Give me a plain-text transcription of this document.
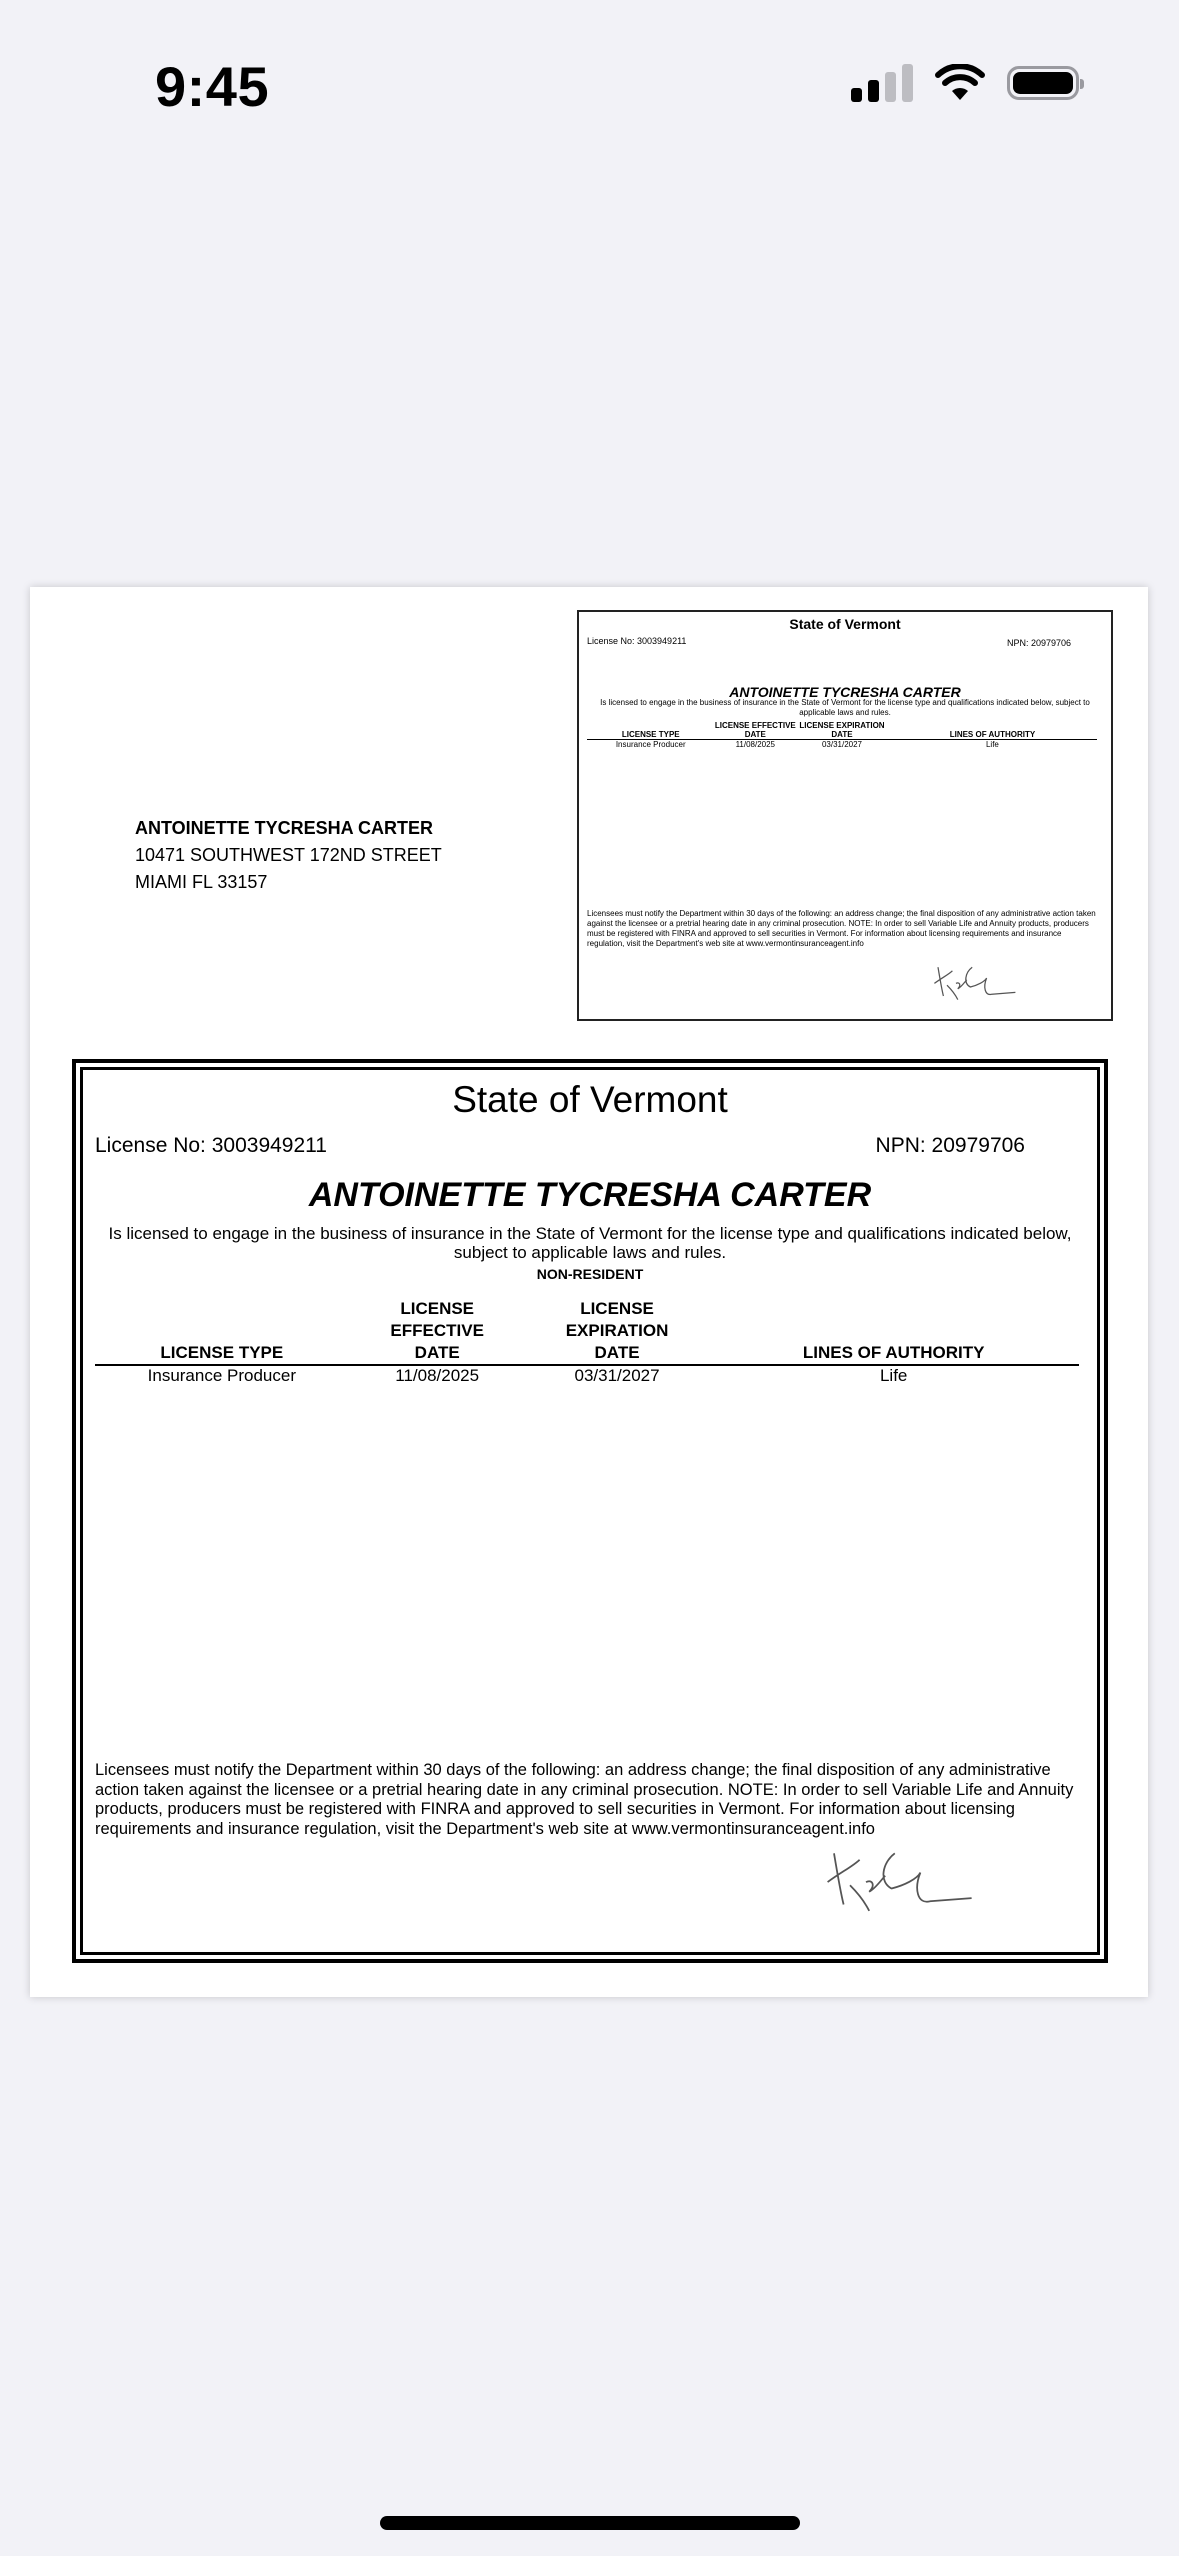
9:45
ANTOINETTE TYCRESHA CARTER
10471 SOUTHWEST 172ND STREET
MIAMI FL 33157
State of Vermont
License No: 3003949211	NPN: 20979706
ANTOINETTE TYCRESHA CARTER
Is licensed to engage in the business of insurance in the State of Vermont for the license type and qualifications indicated below, subject to applicable laws and rules.
LICENSE TYPE	LICENSE EFFECTIVE DATE	LICENSE EXPIRATION DATE	LINES OF AUTHORITY
Insurance Producer	11/08/2025	03/31/2027	Life
Licensees must notify the Department within 30 days of the following: an address change; the final disposition of any administrative action taken against the licensee or a pretrial hearing date in any criminal prosecution. NOTE: In order to sell Variable Life and Annuity products, producers must be registered with FINRA and approved to sell securities in Vermont. For information about licensing requirements and insurance regulation, visit the Department's web site at www.vermontinsuranceagent.info
State of Vermont
License No: 3003949211	NPN: 20979706
ANTOINETTE TYCRESHA CARTER
Is licensed to engage in the business of insurance in the State of Vermont for the license type and qualifications indicated below, subject to applicable laws and rules.
NON-RESIDENT
LICENSE TYPE	LICENSE EFFECTIVE DATE	LICENSE EXPIRATION DATE	LINES OF AUTHORITY
Insurance Producer	11/08/2025	03/31/2027	Life
Licensees must notify the Department within 30 days of the following: an address change; the final disposition of any administrative action taken against the licensee or a pretrial hearing date in any criminal prosecution. NOTE: In order to sell Variable Life and Annuity products, producers must be registered with FINRA and approved to sell securities in Vermont. For information about licensing requirements and insurance regulation, visit the Department's web site at www.vermontinsuranceagent.info
